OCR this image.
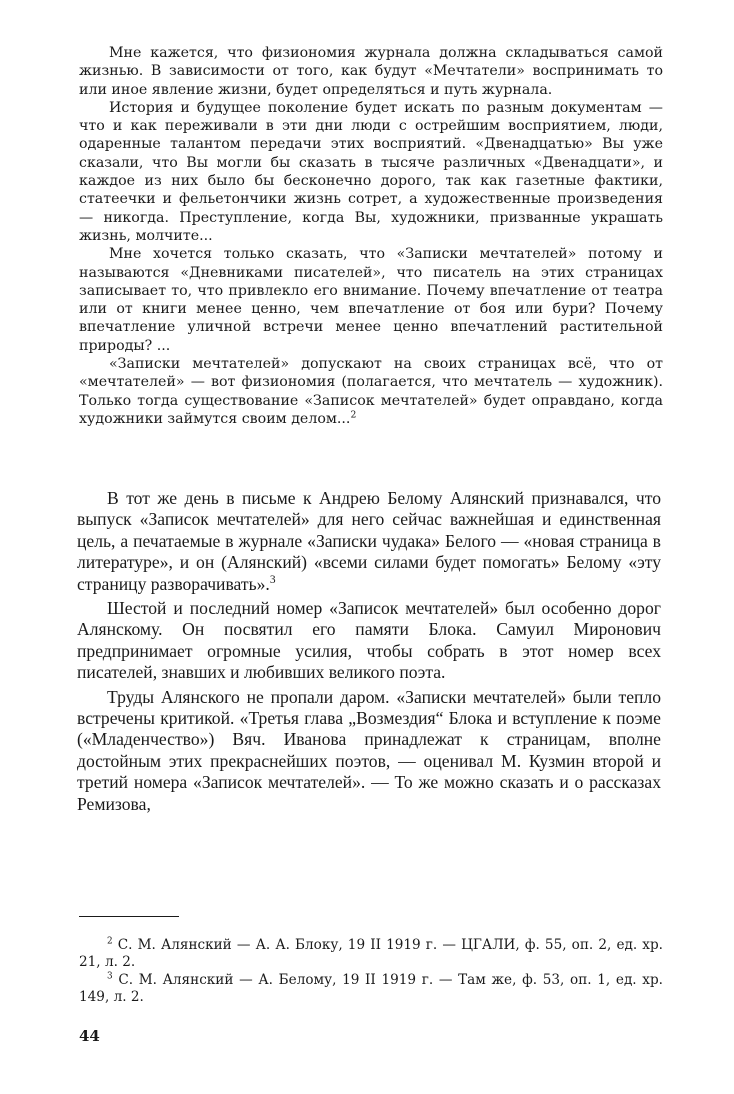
Мне кажется, что физиономия журнала должна складываться самой жизнью. В зависимости от того, как будут «Мечтатели» воспринимать то или иное явление жизни, будет определяться и путь журнала.

История и будущее поколение будет искать по разным документам — что и как переживали в эти дни люди с острейшим восприятием, люди, одаренные талантом передачи этих восприятий. «Двенадцатью» Вы уже сказали, что Вы могли бы сказать в тысяче различных «Двенадцати», и каждое из них было бы бесконечно дорого, так как газетные фактики, статеечки и фельетончики жизнь сотрет, а художественные произведения — никогда. Преступление, когда Вы, художники, призванные украшать жизнь, молчите...

Мне хочется только сказать, что «Записки мечтателей» потому и называются «Дневниками писателей», что писатель на этих страницах записывает то, что привлекло его внимание. Почему впечатление от театра или от книги менее ценно, чем впечатление от боя или бури? Почему впечатление уличной встречи менее ценно впечатлений растительной природы? ...

«Записки мечтателей» допускают на своих страницах всё, что от «мечтателей» — вот физиономия (полагается, что мечтатель — художник). Только тогда существование «Записок мечтателей» будет оправдано, когда художники займутся своим делом...$^2$

В тот же день в письме к Андрею Белому Алянский признавался, что выпуск «Записок мечтателей» для него сейчас важнейшая и единственная цель, а печатаемые в журнале «Записки чудака» Белого — «новая страница в литературе», и он (Алянский) «всеми силами будет помогать» Белому «эту страницу разворачивать».$^3$

Шестой и последний номер «Записок мечтателей» был особенно дорог Алянскому. Он посвятил его памяти Блока. Самуил Миронович предпринимает огромные усилия, чтобы собрать в этот номер всех писателей, знавших и любивших великого поэта.

Труды Алянского не пропали даром. «Записки мечтателей» были тепло встречены критикой. «Третья глава „Возмездия“ Блока и вступление к поэме («Младенчество») Вяч. Иванова принадлежат к страницам, вполне достойным этих прекраснейших поэтов, — оценивал М. Кузмин второй и третий номера «Записок мечтателей». — То же можно сказать и о рассказах Ремизова,

$^2$ С. М. Алянский — А. А. Блоку, 19 II 1919 г. — ЦГАЛИ, ф. 55, оп. 2, ед. хр. 21, л. 2.

$^3$ С. М. Алянский — А. Белому, 19 II 1919 г. — Там же, ф. 53, оп. 1, ед. хр. 149, л. 2.

44
